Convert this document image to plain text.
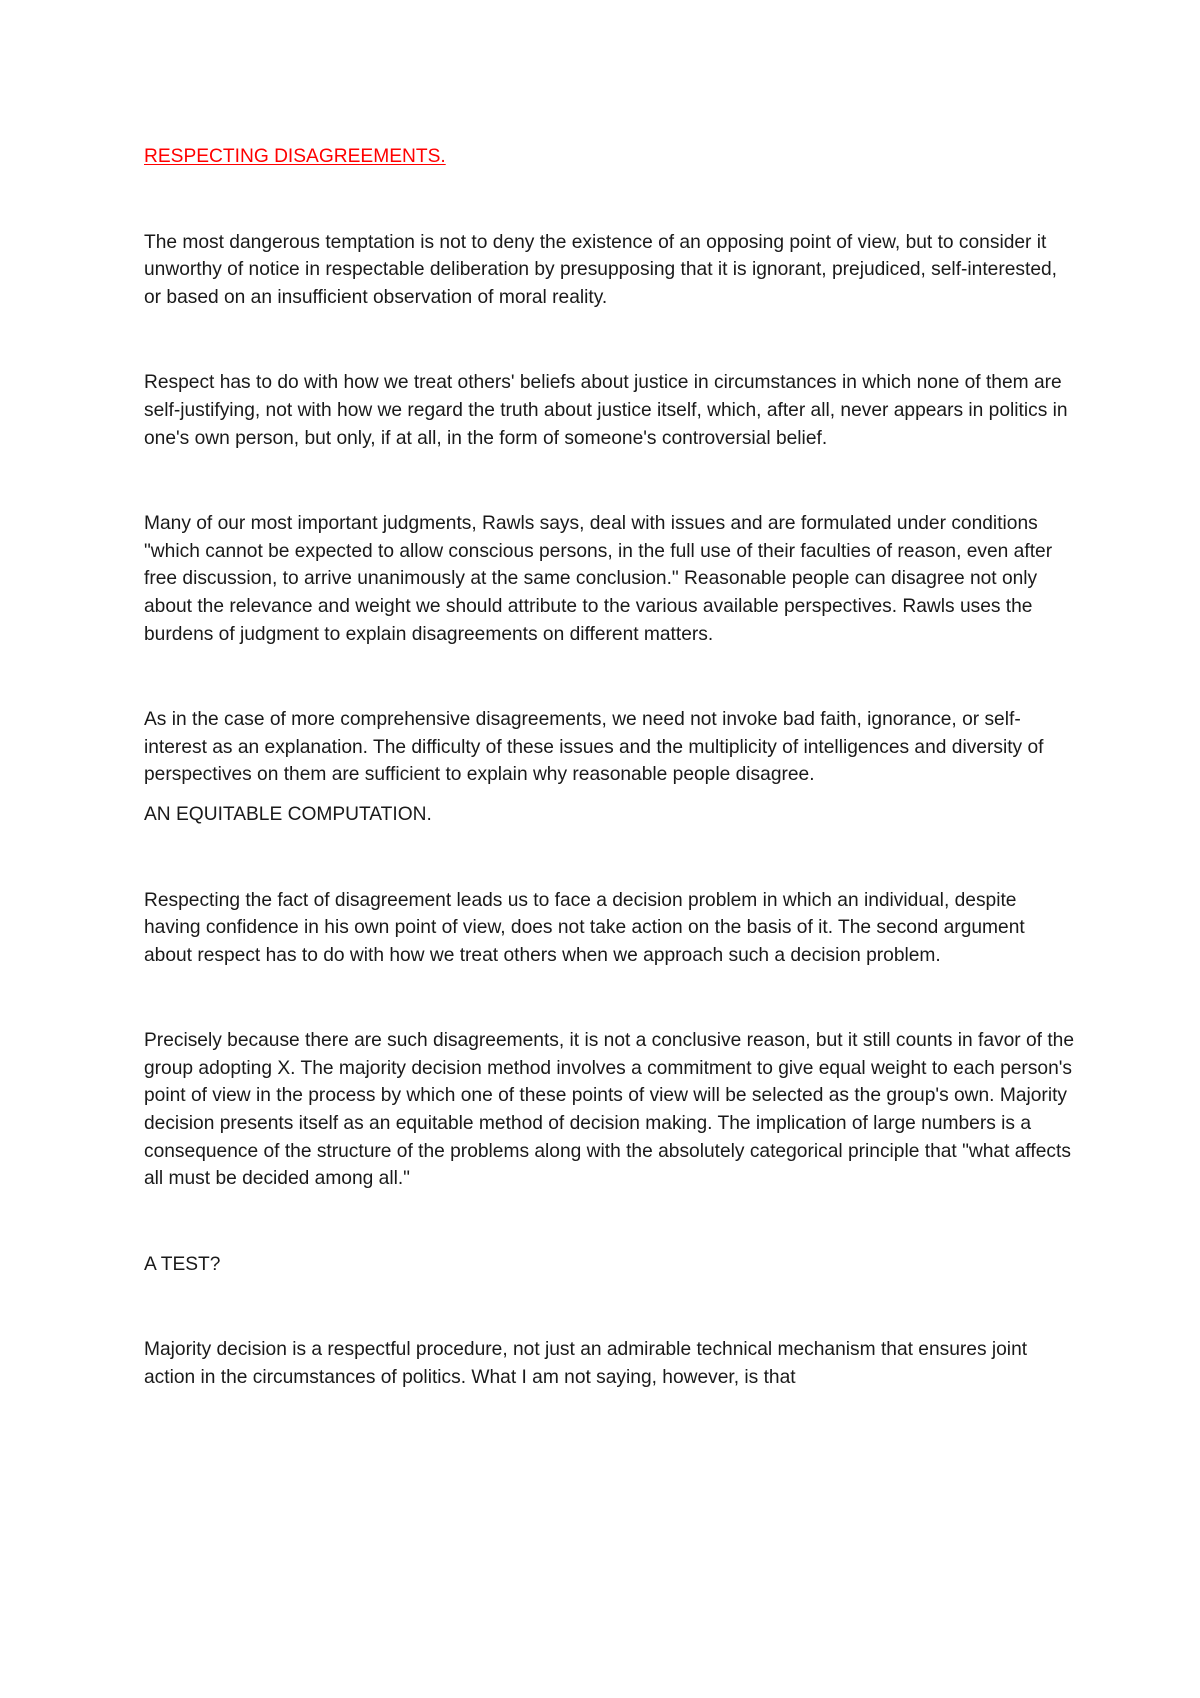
RESPECTING DISAGREEMENTS.

The most dangerous temptation is not to deny the existence of an opposing point of view, but to consider it unworthy of notice in respectable deliberation by presupposing that it is ignorant, prejudiced, self-interested, or based on an insufficient observation of moral reality.

Respect has to do with how we treat others' beliefs about justice in circumstances in which none of them are self-justifying, not with how we regard the truth about justice itself, which, after all, never appears in politics in one's own person, but only, if at all, in the form of someone's controversial belief.

Many of our most important judgments, Rawls says, deal with issues and are formulated under conditions "which cannot be expected to allow conscious persons, in the full use of their faculties of reason, even after free discussion, to arrive unanimously at the same conclusion." Reasonable people can disagree not only about the relevance and weight we should attribute to the various available perspectives. Rawls uses the burdens of judgment to explain disagreements on different matters.

As in the case of more comprehensive disagreements, we need not invoke bad faith, ignorance, or self-interest as an explanation. The difficulty of these issues and the multiplicity of intelligences and diversity of perspectives on them are sufficient to explain why reasonable people disagree.

AN EQUITABLE COMPUTATION.

Respecting the fact of disagreement leads us to face a decision problem in which an individual, despite having confidence in his own point of view, does not take action on the basis of it. The second argument about respect has to do with how we treat others when we approach such a decision problem.

Precisely because there are such disagreements, it is not a conclusive reason, but it still counts in favor of the group adopting X. The majority decision method involves a commitment to give equal weight to each person's point of view in the process by which one of these points of view will be selected as the group's own. Majority decision presents itself as an equitable method of decision making. The implication of large numbers is a consequence of the structure of the problems along with the absolutely categorical principle that "what affects all must be decided among all."

A TEST?

Majority decision is a respectful procedure, not just an admirable technical mechanism that ensures joint action in the circumstances of politics. What I am not saying, however, is that
